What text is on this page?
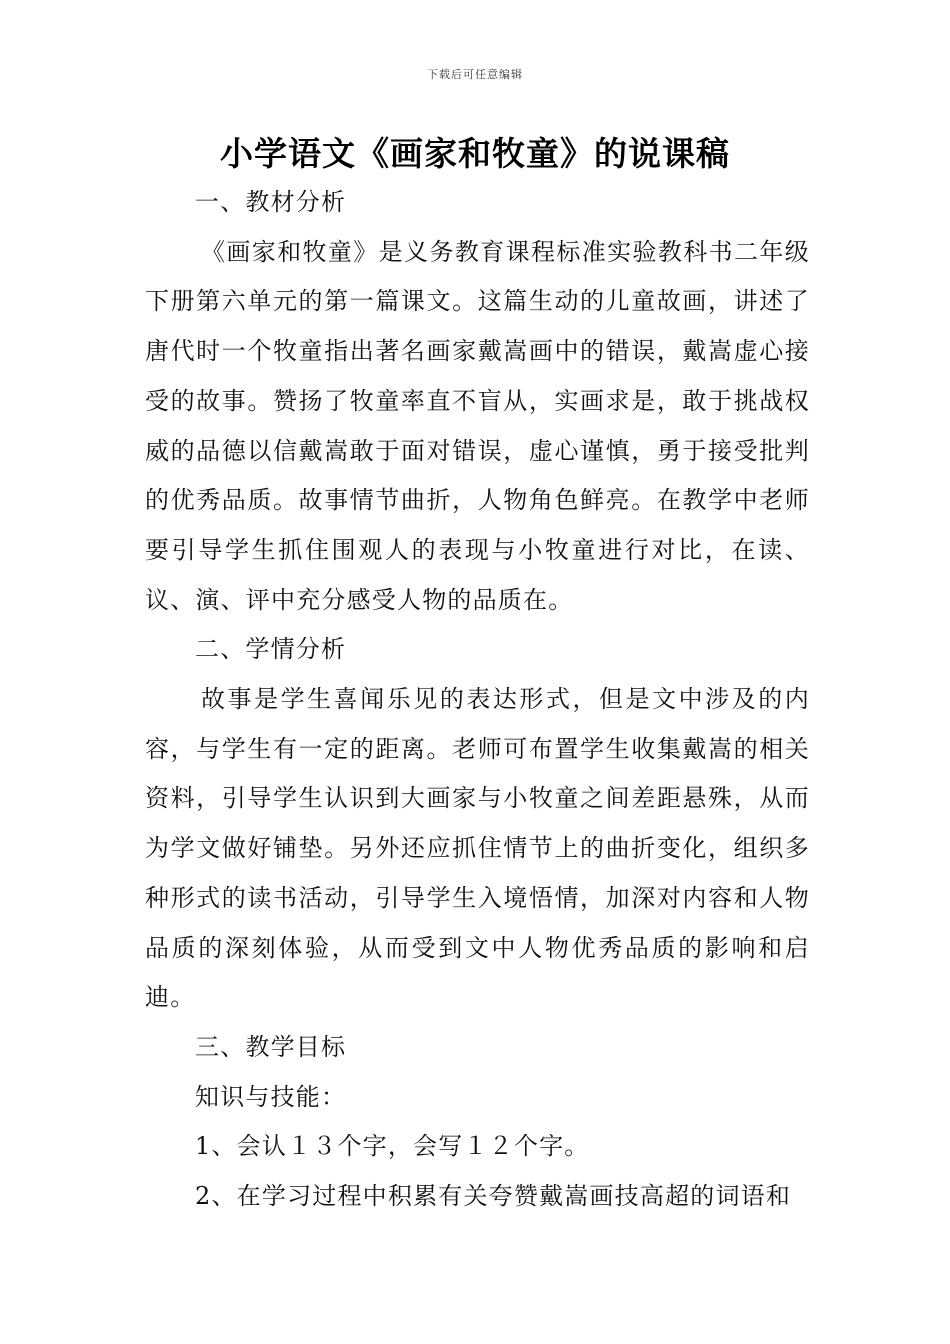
下载后可任意编辑
小学语文《画家和牧童》的说课稿

一、教材分析

《画家和牧童》是义务教育课程标准实验教科书二年级下册第六单元的第一篇课文。这篇生动的儿童故画，讲述了唐代时一个牧童指出著名画家戴嵩画中的错误，戴嵩虚心接受的故事。赞扬了牧童率直不盲从，实画求是，敢于挑战权威的品德以信戴嵩敢于面对错误，虚心谨慎，勇于接受批判的优秀品质。故事情节曲折，人物角色鲜亮。在教学中老师要引导学生抓住围观人的表现与小牧童进行对比，在读、议、演、评中充分感受人物的品质在。

二、学情分析

故事是学生喜闻乐见的表达形式，但是文中涉及的内容，与学生有一定的距离。老师可布置学生收集戴嵩的相关资料，引导学生认识到大画家与小牧童之间差距悬殊，从而为学文做好铺垫。另外还应抓住情节上的曲折变化，组织多种形式的读书活动，引导学生入境悟情，加深对内容和人物品质的深刻体验，从而受到文中人物优秀品质的影响和启迪。

三、教学目标

知识与技能：

1、会认１３个字，会写１２个字。

2、在学习过程中积累有关夸赞戴嵩画技高超的词语和
